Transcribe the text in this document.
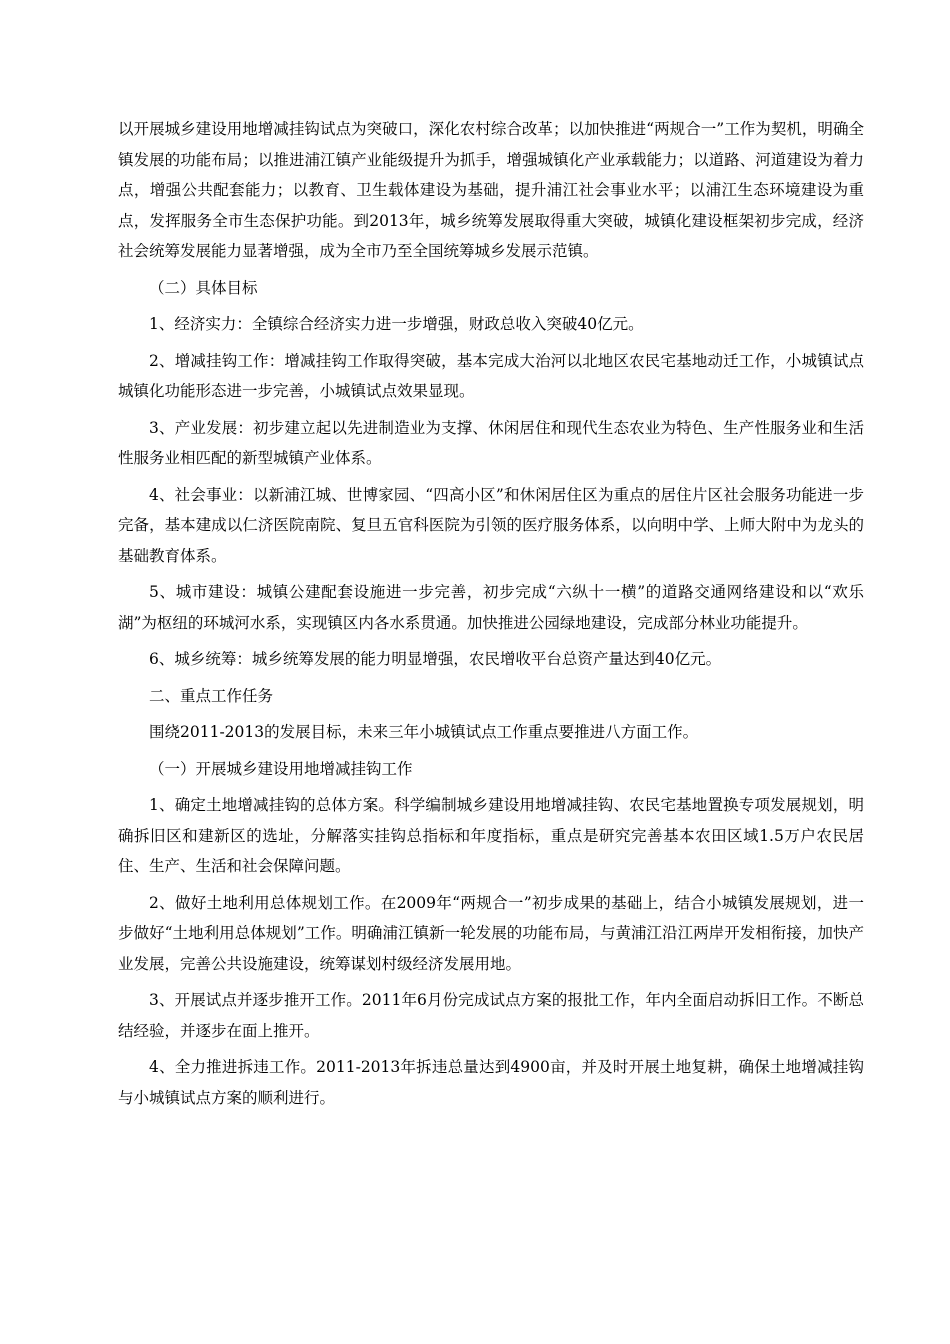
以开展城乡建设用地增减挂钩试点为突破口，深化农村综合改革；以加快推进“两规合一”工作为契机，明确全镇发展的功能布局；以推进浦江镇产业能级提升为抓手，增强城镇化产业承载能力；以道路、河道建设为着力点，增强公共配套能力；以教育、卫生载体建设为基础，提升浦江社会事业水平；以浦江生态环境建设为重点，发挥服务全市生态保护功能。到2013年，城乡统筹发展取得重大突破，城镇化建设框架初步完成，经济社会统筹发展能力显著增强，成为全市乃至全国统筹城乡发展示范镇。

（二）具体目标

1、经济实力：全镇综合经济实力进一步增强，财政总收入突破40亿元。

2、增减挂钩工作：增减挂钩工作取得突破，基本完成大治河以北地区农民宅基地动迁工作，小城镇试点城镇化功能形态进一步完善，小城镇试点效果显现。

3、产业发展：初步建立起以先进制造业为支撑、休闲居住和现代生态农业为特色、生产性服务业和生活性服务业相匹配的新型城镇产业体系。

4、社会事业：以新浦江城、世博家园、“四高小区”和休闲居住区为重点的居住片区社会服务功能进一步完备，基本建成以仁济医院南院、复旦五官科医院为引领的医疗服务体系，以向明中学、上师大附中为龙头的基础教育体系。

5、城市建设：城镇公建配套设施进一步完善，初步完成“六纵十一横”的道路交通网络建设和以“欢乐湖”为枢纽的环城河水系，实现镇区内各水系贯通。加快推进公园绿地建设，完成部分林业功能提升。

6、城乡统筹：城乡统筹发展的能力明显增强，农民增收平台总资产量达到40亿元。

二、重点工作任务

围绕2011-2013的发展目标，未来三年小城镇试点工作重点要推进八方面工作。

（一）开展城乡建设用地增减挂钩工作

1、确定土地增减挂钩的总体方案。科学编制城乡建设用地增减挂钩、农民宅基地置换专项发展规划，明确拆旧区和建新区的选址，分解落实挂钩总指标和年度指标，重点是研究完善基本农田区域1.5万户农民居住、生产、生活和社会保障问题。

2、做好土地利用总体规划工作。在2009年“两规合一”初步成果的基础上，结合小城镇发展规划，进一步做好“土地利用总体规划”工作。明确浦江镇新一轮发展的功能布局，与黄浦江沿江两岸开发相衔接，加快产业发展，完善公共设施建设，统筹谋划村级经济发展用地。

3、开展试点并逐步推开工作。2011年6月份完成试点方案的报批工作，年内全面启动拆旧工作。不断总结经验，并逐步在面上推开。

4、全力推进拆违工作。2011-2013年拆违总量达到4900亩，并及时开展土地复耕，确保土地增减挂钩与小城镇试点方案的顺利进行。
